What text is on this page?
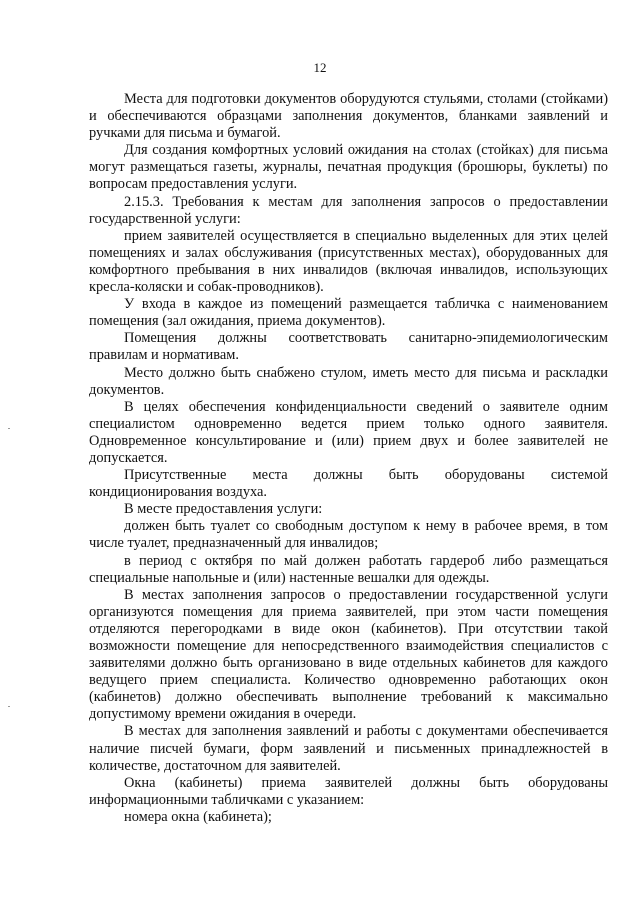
12

Места для подготовки документов оборудуются стульями, столами (стойками) и обеспечиваются образцами заполнения документов, бланками заявлений и ручками для письма и бумагой.

Для создания комфортных условий ожидания на столах (стойках) для письма могут размещаться газеты, журналы, печатная продукция (брошюры, буклеты) по вопросам предоставления услуги.

2.15.3. Требования к местам для заполнения запросов о предоставлении государственной услуги:

прием заявителей осуществляется в специально выделенных для этих целей помещениях и залах обслуживания (присутственных местах), оборудованных для комфортного пребывания в них инвалидов (включая инвалидов, использующих кресла-коляски и собак-проводников).

У входа в каждое из помещений размещается табличка с наименованием помещения (зал ожидания, приема документов).

Помещения должны соответствовать санитарно-эпидемиологическим правилам и нормативам.

Место должно быть снабжено стулом, иметь место для письма и раскладки документов.

В целях обеспечения конфиденциальности сведений о заявителе одним специалистом одновременно ведется прием только одного заявителя. Одновременное консультирование и (или) прием двух и более заявителей не допускается.

Присутственные места должны быть оборудованы системой кондиционирования воздуха.

В месте предоставления услуги:

должен быть туалет со свободным доступом к нему в рабочее время, в том числе туалет, предназначенный для инвалидов;

в период с октября по май должен работать гардероб либо размещаться специальные напольные и (или) настенные вешалки для одежды.

В местах заполнения запросов о предоставлении государственной услуги организуются помещения для приема заявителей, при этом части помещения отделяются перегородками в виде окон (кабинетов). При отсутствии такой возможности помещение для непосредственного взаимодействия специалистов с заявителями должно быть организовано в виде отдельных кабинетов для каждого ведущего прием специалиста. Количество одновременно работающих окон (кабинетов) должно обеспечивать выполнение требований к максимально допустимому времени ожидания в очереди.

В местах для заполнения заявлений и работы с документами обеспечивается наличие писчей бумаги, форм заявлений и письменных принадлежностей в количестве, достаточном для заявителей.

Окна (кабинеты) приема заявителей должны быть оборудованы информационными табличками с указанием:

номера окна (кабинета);
